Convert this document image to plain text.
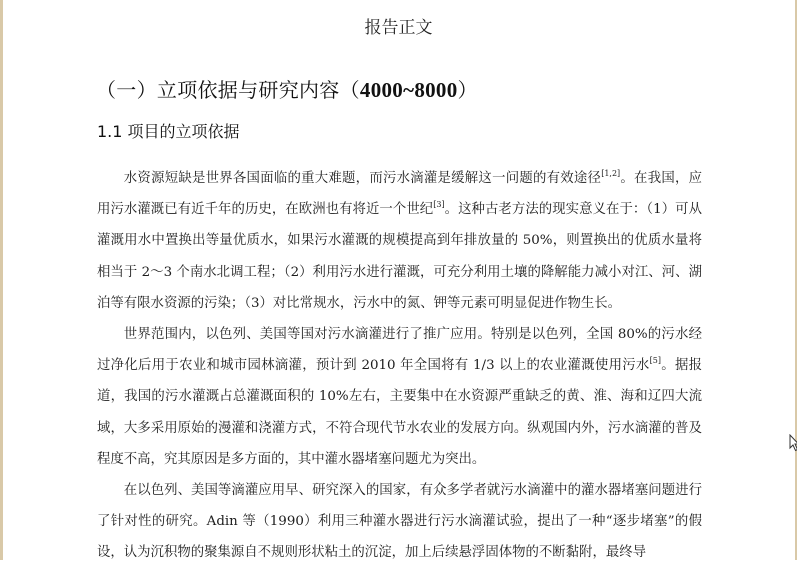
报告正文
（一）立项依据与研究内容（4000~8000）
1.1 项目的立项依据

水资源短缺是世界各国面临的重大难题，而污水滴灌是缓解这一问题的有效途径[1,2]。在我国，应用污水灌溉已有近千年的历史，在欧洲也有将近一个世纪[3]。这种古老方法的现实意义在于：（1）可从灌溉用水中置换出等量优质水，如果污水灌溉的规模提高到年排放量的 50%，则置换出的优质水量将相当于 2～3 个南水北调工程；（2）利用污水进行灌溉，可充分利用土壤的降解能力减小对江、河、湖泊等有限水资源的污染；（3）对比常规水，污水中的氮、钾等元素可明显促进作物生长。

世界范围内，以色列、美国等国对污水滴灌进行了推广应用。特别是以色列，全国 80%的污水经过净化后用于农业和城市园林滴灌，预计到 2010 年全国将有 1/3 以上的农业灌溉使用污水[5]。据报道，我国的污水灌溉占总灌溉面积的 10%左右，主要集中在水资源严重缺乏的黄、淮、海和辽四大流域，大多采用原始的漫灌和浇灌方式，不符合现代节水农业的发展方向。纵观国内外，污水滴灌的普及程度不高，究其原因是多方面的，其中灌水器堵塞问题尤为突出。

在以色列、美国等滴灌应用早、研究深入的国家，有众多学者就污水滴灌中的灌水器堵塞问题进行了针对性的研究。Adin 等（1990）利用三种灌水器进行污水滴灌试验，提出了一种“逐步堵塞”的假设，认为沉积物的聚集源自不规则形状粘土的沉淀，加上后续悬浮固体物的不断黏附，最终导
